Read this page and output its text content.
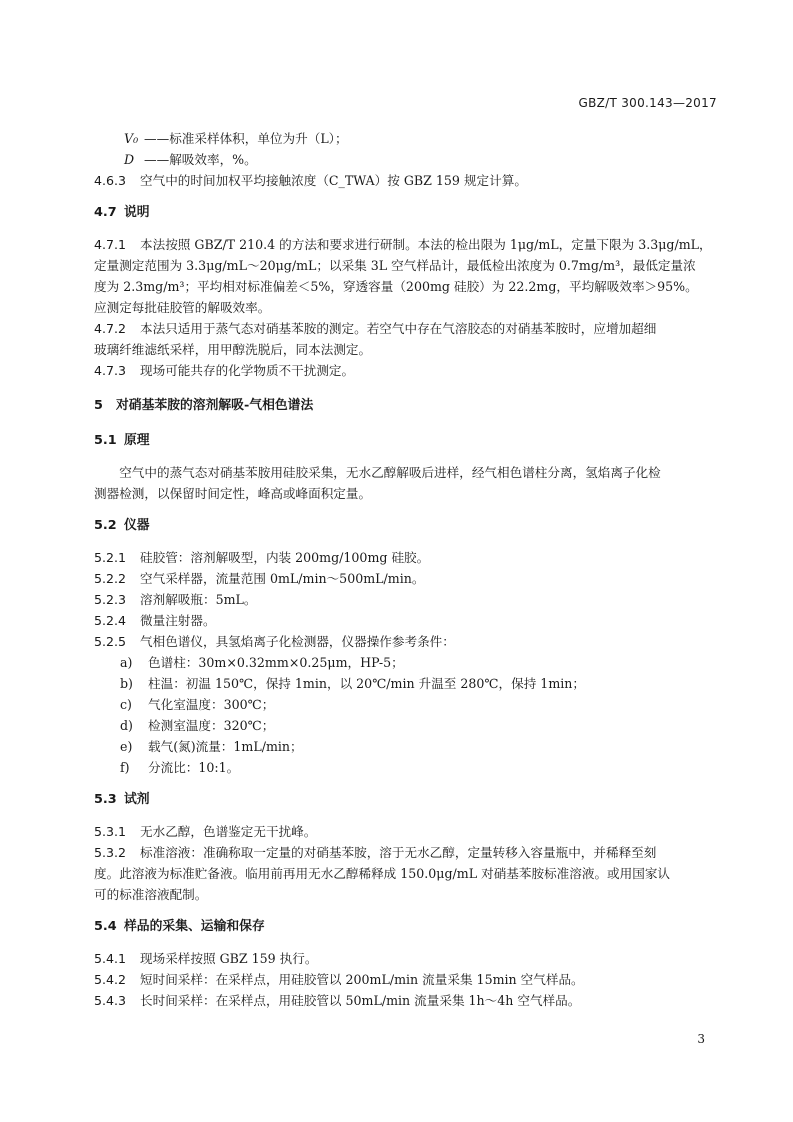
GBZ/T 300.143—2017
V₀ ——标准采样体积，单位为升（L）；
D ——解吸效率，%。
4.6.3 空气中的时间加权平均接触浓度（C_TWA）按 GBZ 159 规定计算。
4.7 说明
4.7.1 本法按照 GBZ/T 210.4 的方法和要求进行研制。本法的检出限为 1μg/mL，定量下限为 3.3μg/mL，
定量测定范围为 3.3μg/mL～20μg/mL；以采集 3L 空气样品计，最低检出浓度为 0.7mg/m³，最低定量浓
度为 2.3mg/m³；平均相对标准偏差＜5%，穿透容量（200mg 硅胶）为 22.2mg，平均解吸效率＞95%。
应测定每批硅胶管的解吸效率。
4.7.2 本法只适用于蒸气态对硝基苯胺的测定。若空气中存在气溶胶态的对硝基苯胺时，应增加超细
玻璃纤维滤纸采样，用甲醇洗脱后，同本法测定。
4.7.3 现场可能共存的化学物质不干扰测定。
5 对硝基苯胺的溶剂解吸-气相色谱法
5.1 原理
空气中的蒸气态对硝基苯胺用硅胶采集，无水乙醇解吸后进样，经气相色谱柱分离，氢焰离子化检
测器检测，以保留时间定性，峰高或峰面积定量。
5.2 仪器
5.2.1 硅胶管：溶剂解吸型，内装 200mg/100mg 硅胶。
5.2.2 空气采样器，流量范围 0mL/min～500mL/min。
5.2.3 溶剂解吸瓶：5mL。
5.2.4 微量注射器。
5.2.5 气相色谱仪，具氢焰离子化检测器，仪器操作参考条件：
a) 色谱柱：30m×0.32mm×0.25μm，HP-5；
b) 柱温：初温 150℃，保持 1min，以 20℃/min 升温至 280℃，保持 1min；
c) 气化室温度：300℃；
d) 检测室温度：320℃；
e) 载气(氮)流量：1mL/min；
f) 分流比：10:1。
5.3 试剂
5.3.1 无水乙醇，色谱鉴定无干扰峰。
5.3.2 标准溶液：准确称取一定量的对硝基苯胺，溶于无水乙醇，定量转移入容量瓶中，并稀释至刻
度。此溶液为标准贮备液。临用前再用无水乙醇稀释成 150.0μg/mL 对硝基苯胺标准溶液。或用国家认
可的标准溶液配制。
5.4 样品的采集、运输和保存
5.4.1 现场采样按照 GBZ 159 执行。
5.4.2 短时间采样：在采样点，用硅胶管以 200mL/min 流量采集 15min 空气样品。
5.4.3 长时间采样：在采样点，用硅胶管以 50mL/min 流量采集 1h～4h 空气样品。
3
